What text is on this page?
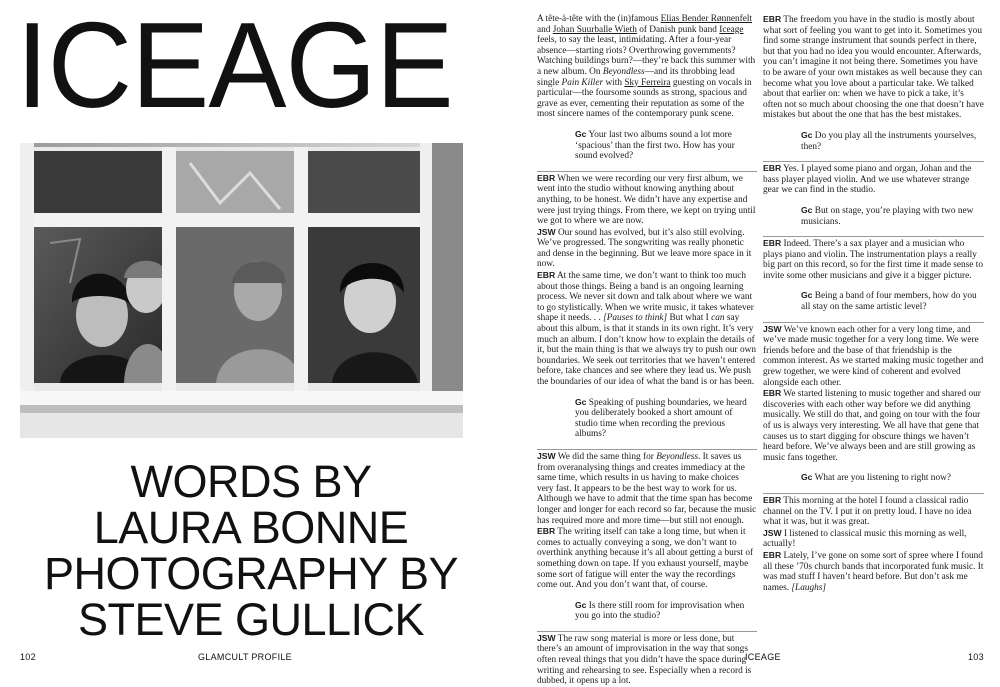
ICEAGE
WORDS BY
LAURA BONNE
PHOTOGRAPHY BY
STEVE GULLICK
102	GLAMCULT PROFILE

A tête-à-tête with the (in)famous Elias Bender Rønnenfelt and Johan Suurballe Wieth of Danish punk band Iceage feels, to say the least, intimidating. After a four-year absence—starting riots? Overthrowing governments? Watching buildings burn?—they’re back this summer with a new album. On Beyondless—and its throbbing lead single Pain Killer with Sky Ferreira guesting on vocals in particular—the foursome sounds as strong, spacious and grave as ever, cementing their reputation as some of the most sincere names of the contemporary punk scene.

Gc Your last two albums sound a lot more ‘spacious’ than the first two. How has your sound evolved?

EBR When we were recording our very first album, we went into the studio without knowing anything about anything, to be honest. We didn’t have any expertise and were just trying things. From there, we kept on trying until we got to where we are now.

JSW Our sound has evolved, but it’s also still evolving. We’ve progressed. The songwriting was really phonetic and dense in the beginning. But we leave more space in it now.

EBR At the same time, we don’t want to think too much about those things. Being a band is an ongoing learning process. We never sit down and talk about where we want to go stylistically. When we write music, it takes whatever shape it needs. . . [Pauses to think] But what I can say about this album, is that it stands in its own right. It’s very much an album. I don’t know how to explain the details of it, but the main thing is that we always try to push our own boundaries. We seek out territories that we haven’t entered before, take chances and see where they lead us. We push the boundaries of our idea of what the band is or has been.

Gc Speaking of pushing boundaries, we heard you deliberately booked a short amount of studio time when recording the previous albums?

JSW We did the same thing for Beyondless. It saves us from overanalysing things and creates immediacy at the same time, which results in us having to make choices very fast. It appears to be the best way to work for us. Although we have to admit that the time span has become longer and longer for each record so far, because the music has required more and more time—but still not enough.

EBR The writing itself can take a long time, but when it comes to actually conveying a song, we don’t want to overthink anything because it’s all about getting a burst of something down on tape. If you exhaust yourself, maybe some sort of fatigue will enter the way the recordings come out. And you don’t want that, of course.

Gc Is there still room for improvisation when you go into the studio?

JSW The raw song material is more or less done, but there’s an amount of improvisation in the way that songs often reveal things that you didn’t have the space during writing and rehearsing to see. Especially when a record is dubbed, it opens up a lot.

EBR The freedom you have in the studio is mostly about what sort of feeling you want to get into it. Sometimes you find some strange instrument that sounds perfect in there, but that you had no idea you would encounter. Afterwards, you can’t imagine it not being there. Sometimes you have to be aware of your own mistakes as well because they can become what you love about a particular take. We talked about that earlier on: when we have to pick a take, it’s often not so much about choosing the one that doesn’t have mistakes but about the one that has the best mistakes.

Gc Do you play all the instruments yourselves, then?

EBR Yes. I played some piano and organ, Johan and the bass player played violin. And we use whatever strange gear we can find in the studio.

Gc But on stage, you’re playing with two new musicians.

EBR Indeed. There’s a sax player and a musician who plays piano and violin. The instrumentation plays a really big part on this record, so for the first time it made sense to invite some other musicians and give it a bigger picture.

Gc Being a band of four members, how do you all stay on the same artistic level?

JSW We’ve known each other for a very long time, and we’ve made music together for a very long time. We were friends before and the base of that friendship is the common interest. As we started making music together and grew together, we were kind of coherent and evolved alongside each other.

EBR We started listening to music together and shared our discoveries with each other way before we did anything musically. We still do that, and going on tour with the four of us is always very interesting. We all have that gene that causes us to start digging for obscure things we haven’t heard before. We’ve always been and are still growing as music fans together.

Gc What are you listening to right now?

EBR This morning at the hotel I found a classical radio channel on the TV. I put it on pretty loud. I have no idea what it was, but it was great.

JSW I listened to classical music this morning as well, actually!

EBR Lately, I’ve gone on some sort of spree where I found all these ’70s church bands that incorporated funk music. It was mad stuff I haven’t heard before. But don’t ask me names. [Laughs]

ICEAGE	103
